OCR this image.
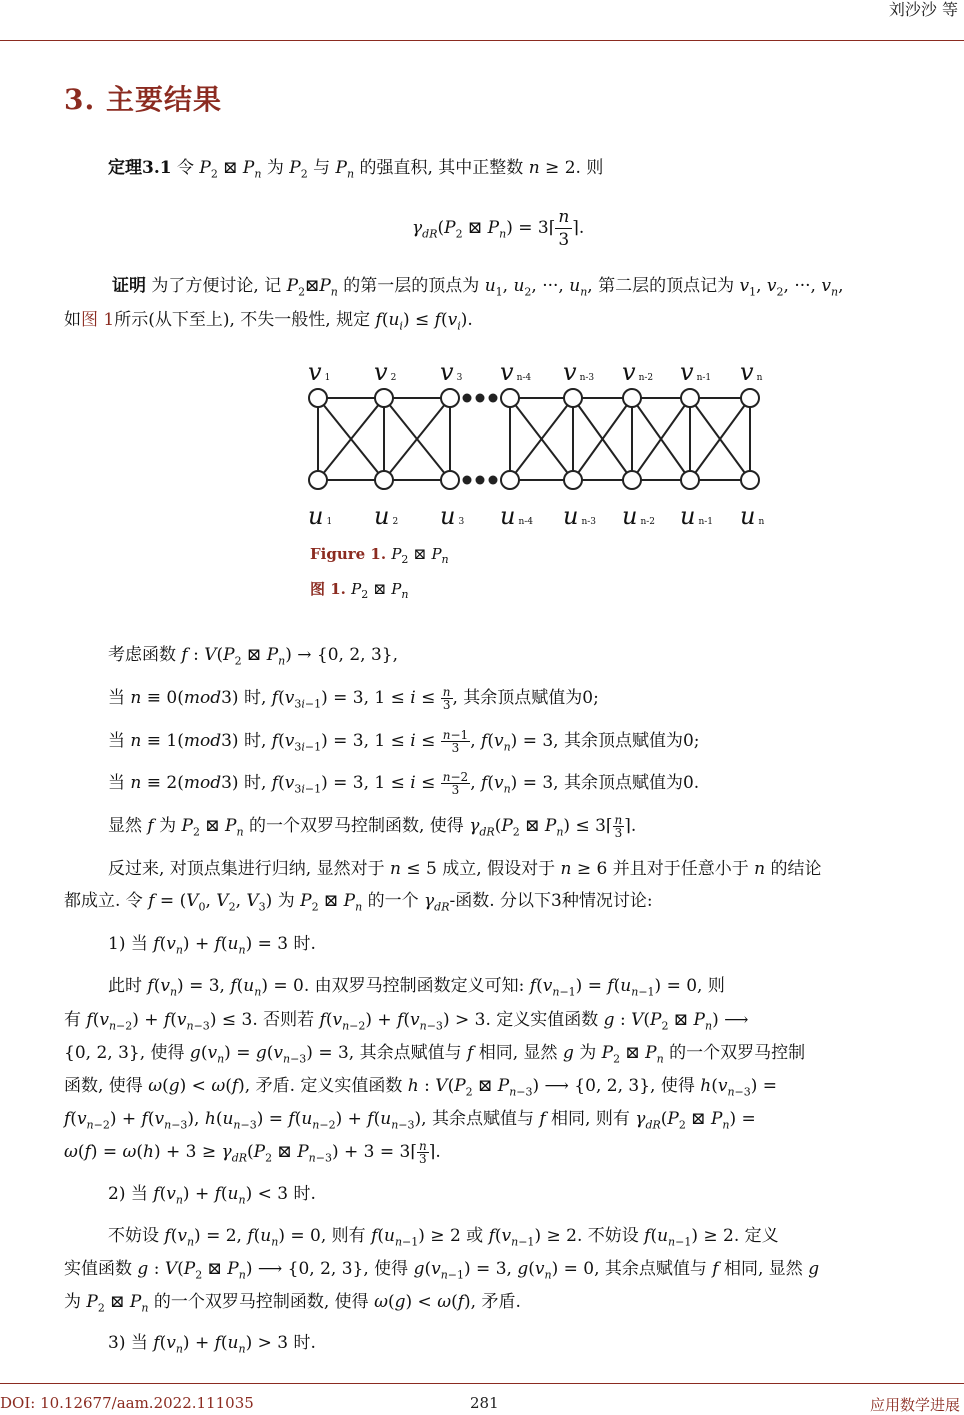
刘沙沙 等
3. 主要结果
定理3.1 令 $P_2$ ⊠ $P_n$ 为 $P_2$ 与 $P_n$ 的强直积, 其中正整数 n ≥ 2. 则
$\gamma_{dR}(P_2$ ⊠ $P_n$) = 3⌈ $\frac{n}{3}$ ⌉.
证明 为了方便讨论, 记 $P_2⊠P_n$ 的第一层的顶点为 $u_1$, $u_2$, ···, $u_n$, 第二层的顶点记为 $v_1$, $v_2$, ···, $v_n$,
如图 1所示(从下至上), 不失一般性, 规定 $f(u_i) \le f(v_i)$.
v 1 v 2 v 3 v n-4 v n-3 v n-2 v n-1 v n
u 1 u 2 u 3 u n-4 u n-3 u n-2 u n-1 u n
Figure 1. $P_2$ ⊠ $P_n$
图 1. $P_2$ ⊠ $P_n$
考虑函数 f : $V(P_2$ ⊠ $P_n) \to \{0$, 2, 3},
当 n ≡ 0(mod3) 时, $f(v_{3i-1}) = 3$, $1 \le i \le \frac{n}{3}$ , 其余顶点赋值为0;
当 n ≡ 1(mod3) 时, $f(v_{3i-1}) = 3$, $1 \le i \le \frac{n-1}{3}$ , $f(v_n) = 3$, 其余顶点赋值为0;
当 n ≡ 2(mod3) 时, $f(v_{3i-1}) = 3$, $1 \le i \le \frac{n-2}{3}$ , $f(v_n) = 3$, 其余顶点赋值为0.
显然 f 为 $P_2$ ⊠ $P_n$ 的一个双罗马控制函数, 使得 $\gamma_{dR}(P_2$ ⊠ $P_n$) ≤ 3⌈ $\frac{n}{3}$ ⌉.
反过来, 对顶点集进行归纳, 显然对于 n ≤ 5 成立, 假设对于 n ≥ 6 并且对于任意小于 n 的结论
都成立. 令 $f = (V_0$, $V_2$, $V_3$) 为 $P_2$ ⊠ $P_n$ 的一个 $\gamma_{dR}-$函数. 分以下3种情况讨论:
1) 当 $f(v_n) + f(u_n) = 3$ 时.
此时 $f(v_n) = 3$, $f(u_n) = 0$. 由双罗马控制函数定义可知: $f(v_{n-1}) = f(u_{n-1}) = 0$, 则
有 $f(v_{n-2}) + f(v_{n-3}) \le 3$. 否则若 $f(v_{n-2}) + f(v_{n-3}) > 3$. 定义实值函数 g : $V(P_2$ ⊠ $P_n$) ⟶
{0, 2, 3}, 使得 $g(v_n) = g(v_{n-3}) = 3$, 其余点赋值与 f 相同, 显然 g 为 $P_2$ ⊠ $P_n$ 的一个双罗马控制
函数, 使得 ω(g) < ω(f), 矛盾. 定义实值函数 h : $V(P_2$ ⊠ $P_{n-3}$) ⟶ {0, 2, 3}, 使得 $h(v_{n-3})$ =
$f(v_{n-2}) + f(v_{n-3})$, $h(u_{n-3}) = f(u_{n-2}) + f(u_{n-3})$, 其余点赋值与 f 相同, 则有 $\gamma_{dR}(P_2$ ⊠ $P_n$) =
$\omega(f) = \omega(h) + 3 \ge \gamma_{dR}(P_2$ ⊠ $P_{n-3}) + 3$ = 3⌈ $\frac{n}{3}$ ⌉.
2) 当 $f(v_n) + f(u_n) < 3$ 时.
不妨设 $f(v_n) = 2$, $f(u_n) = 0$, 则有 $f(u_{n-1}) \ge 2$ 或 $f(v_{n-1}) \ge 2$. 不妨设 $f(u_{n-1}) \ge 2$. 定义
实值函数 g : $V(P_2$ ⊠ $P_n$) ⟶ {0, 2, 3}, 使得 $g(v_{n-1}) = 3$, $g(v_n) = 0$, 其余点赋值与 f 相同, 显然 g
为 $P_2$ ⊠ $P_n$ 的一个双罗马控制函数, 使得 ω(g) < ω(f), 矛盾.
3) 当 $f(v_n) + f(u_n) > 3$ 时.
DOI: 10.12677/aam.2022.111035	281	应用数学进展
